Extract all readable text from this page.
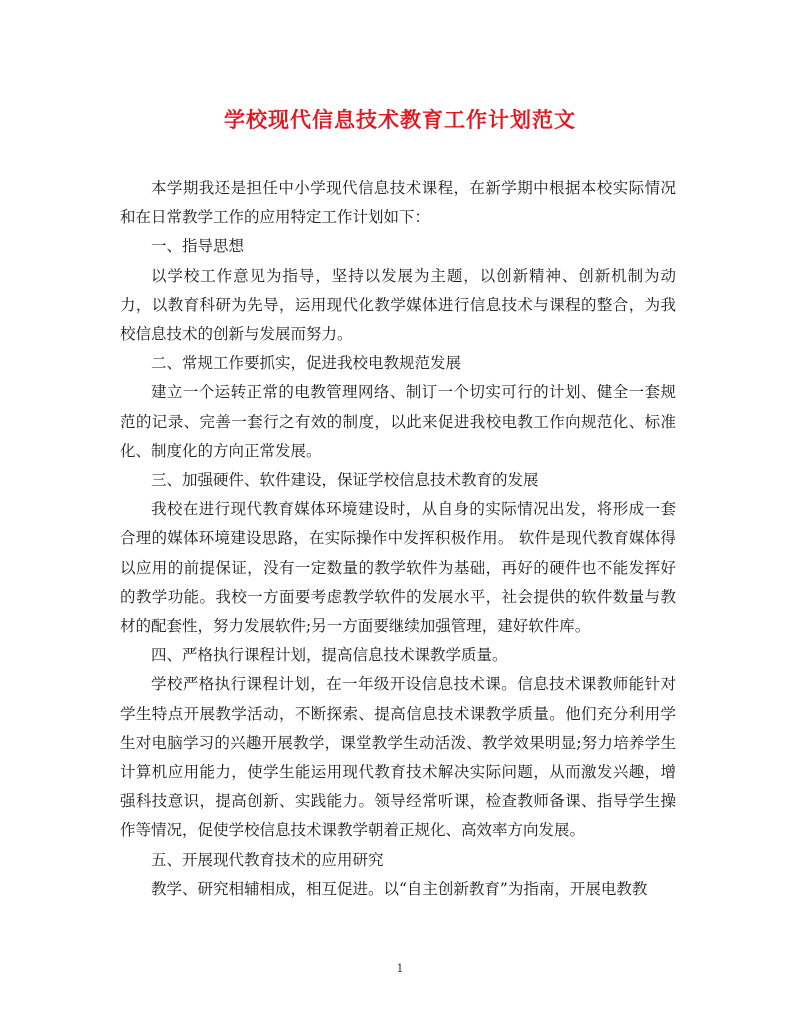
学校现代信息技术教育工作计划范文

本学期我还是担任中小学现代信息技术课程，在新学期中根据本校实际情况和在日常教学工作的应用特定工作计划如下：

一、指导思想

以学校工作意见为指导，坚持以发展为主题，以创新精神、创新机制为动力，以教育科研为先导，运用现代化教学媒体进行信息技术与课程的整合，为我校信息技术的创新与发展而努力。

二、常规工作要抓实，促进我校电教规范发展

建立一个运转正常的电教管理网络、制订一个切实可行的计划、健全一套规范的记录、完善一套行之有效的制度，以此来促进我校电教工作向规范化、标准化、制度化的方向正常发展。

三、加强硬件、软件建设，保证学校信息技术教育的发展

我校在进行现代教育媒体环境建设时，从自身的实际情况出发，将形成一套合理的媒体环境建设思路，在实际操作中发挥积极作用。 软件是现代教育媒体得以应用的前提保证，没有一定数量的教学软件为基础，再好的硬件也不能发挥好的教学功能。我校一方面要考虑教学软件的发展水平，社会提供的软件数量与教材的配套性，努力发展软件;另一方面要继续加强管理，建好软件库。

四、严格执行课程计划，提高信息技术课教学质量。

学校严格执行课程计划，在一年级开设信息技术课。信息技术课教师能针对学生特点开展教学活动，不断探索、提高信息技术课教学质量。他们充分利用学生对电脑学习的兴趣开展教学，课堂教学生动活泼、教学效果明显;努力培养学生计算机应用能力，使学生能运用现代教育技术解决实际问题，从而激发兴趣，增强科技意识，提高创新、实践能力。领导经常听课，检查教师备课、指导学生操作等情况，促使学校信息技术课教学朝着正规化、高效率方向发展。

五、开展现代教育技术的应用研究

教学、研究相辅相成，相互促进。以“自主创新教育”为指南，开展电教教

1
